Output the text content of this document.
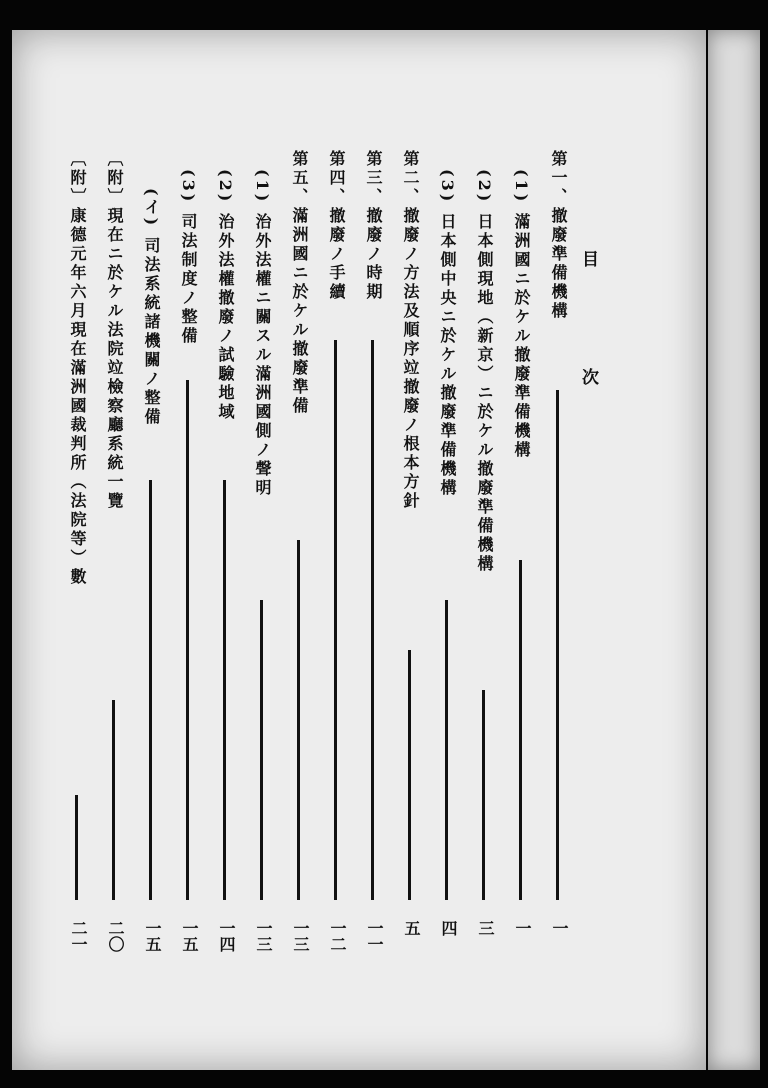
目　次
第一、撤廢準備機構
　(1) 滿洲國ニ於ケル撤廢準備機構
　(2) 日本側現地（新京）ニ於ケル撤廢準備機構
　(3) 日本側中央ニ於ケル撤廢準備機構
第二、撤廢ノ方法及順序竝撤廢ノ根本方針
第三、撤廢ノ時期
第四、撤廢ノ手續
第五、滿洲國ニ於ケル撤廢準備
　(1) 治外法權ニ關スル滿洲國側ノ聲明
　(2) 治外法權撤廢ノ試驗地域
　(3) 司法制度ノ整備
　　(イ) 司法系統諸機關ノ整備
〔附〕現在ニ於ケル法院竝檢察廳系統一覽
〔附〕康德元年六月現在滿洲國裁判所（法院等）數
一
一
三
四
五
一一
一二
一三
一三
一四
一五
一五
二〇
二一
